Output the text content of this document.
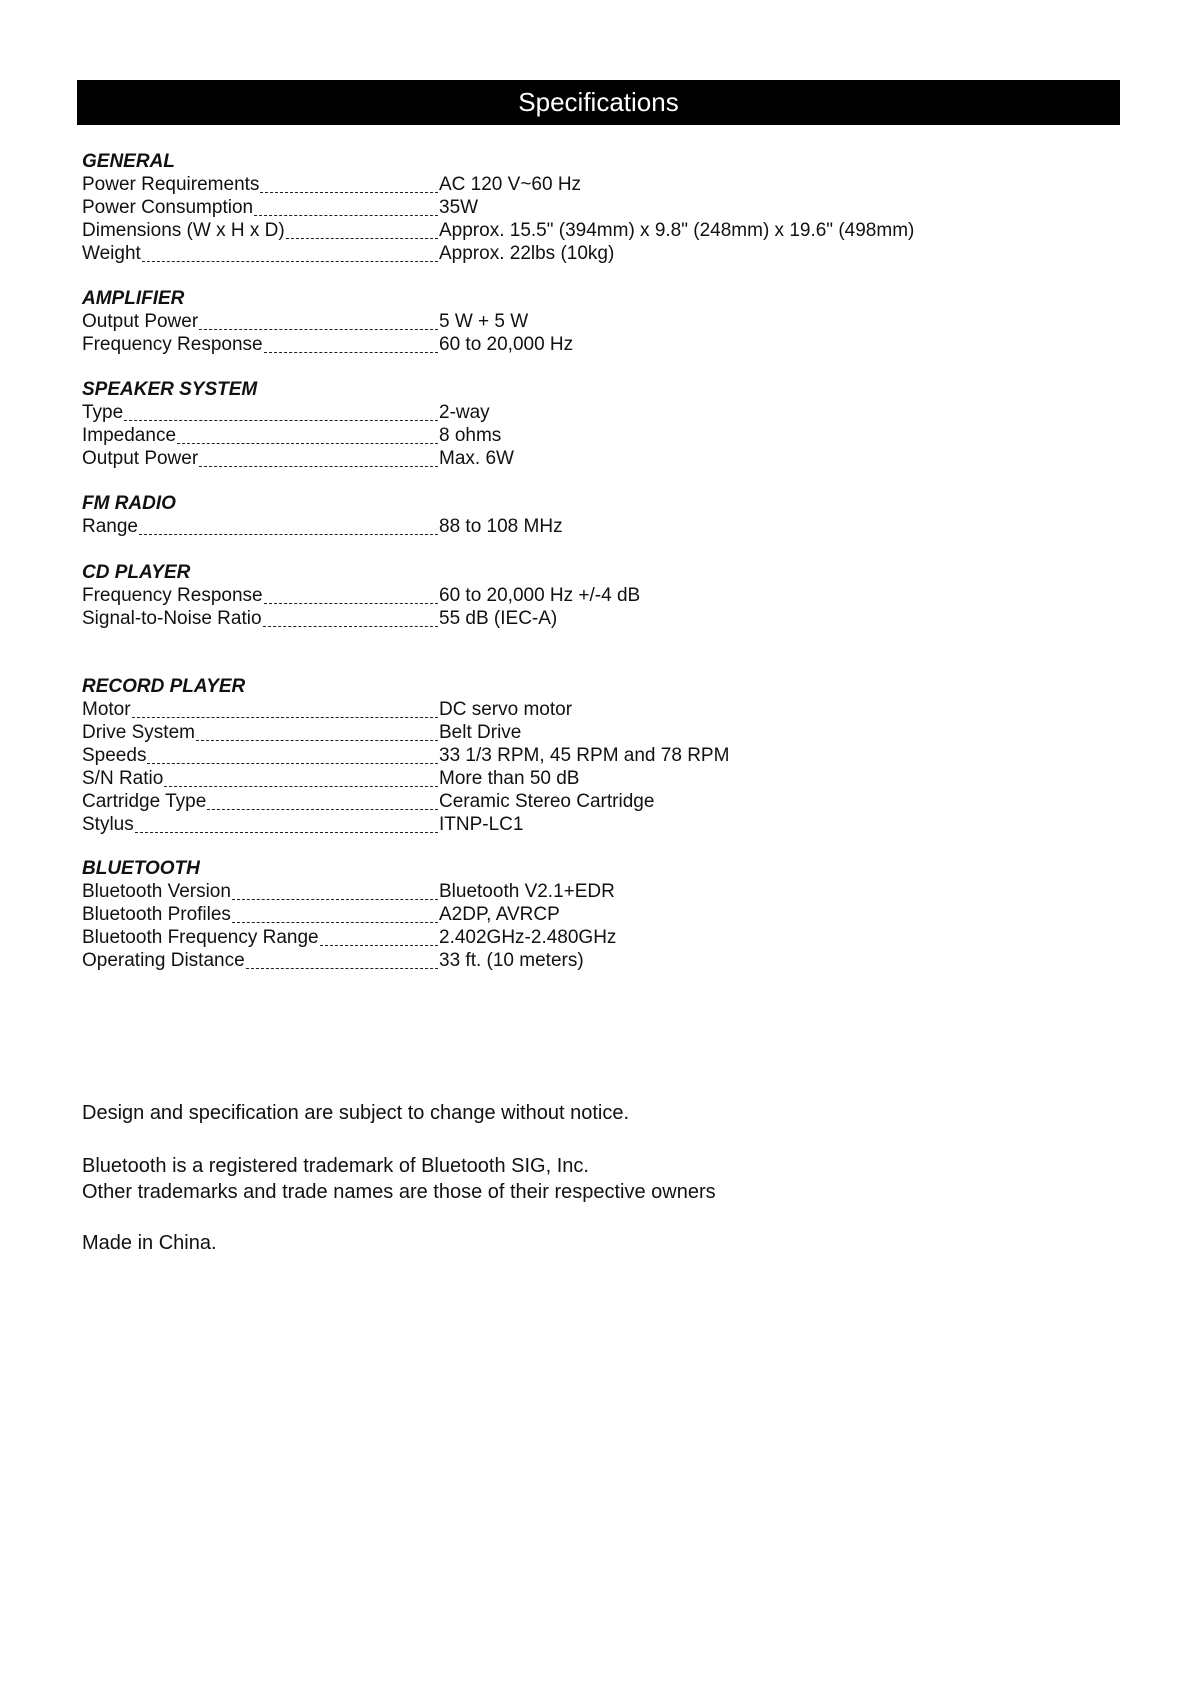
Specifications
GENERAL
Power Requirements	AC 120 V~60 Hz
Power Consumption	35W
Dimensions (W x H x D)	Approx. 15.5" (394mm) x 9.8" (248mm) x 19.6" (498mm)
Weight	Approx. 22lbs (10kg)
AMPLIFIER
Output Power	5 W + 5 W
Frequency Response	60 to 20,000 Hz
SPEAKER SYSTEM
Type	2-way
Impedance	8 ohms
Output Power	Max. 6W
FM RADIO
Range	88 to 108 MHz
CD PLAYER
Frequency Response	60 to 20,000 Hz +/-4 dB
Signal-to-Noise Ratio	55 dB (IEC-A)
RECORD PLAYER
Motor	DC servo motor
Drive System	Belt Drive
Speeds	33 1/3 RPM, 45 RPM and 78 RPM
S/N Ratio	More than 50 dB
Cartridge Type	Ceramic Stereo Cartridge
Stylus	ITNP-LC1
BLUETOOTH
Bluetooth Version	Bluetooth V2.1+EDR
Bluetooth Profiles	A2DP, AVRCP
Bluetooth Frequency Range	2.402GHz-2.480GHz
Operating Distance	33 ft. (10 meters)
Design and specification are subject to change without notice.
Bluetooth is a registered trademark of Bluetooth SIG, Inc.
Other trademarks and trade names are those of their respective owners
Made in China.
